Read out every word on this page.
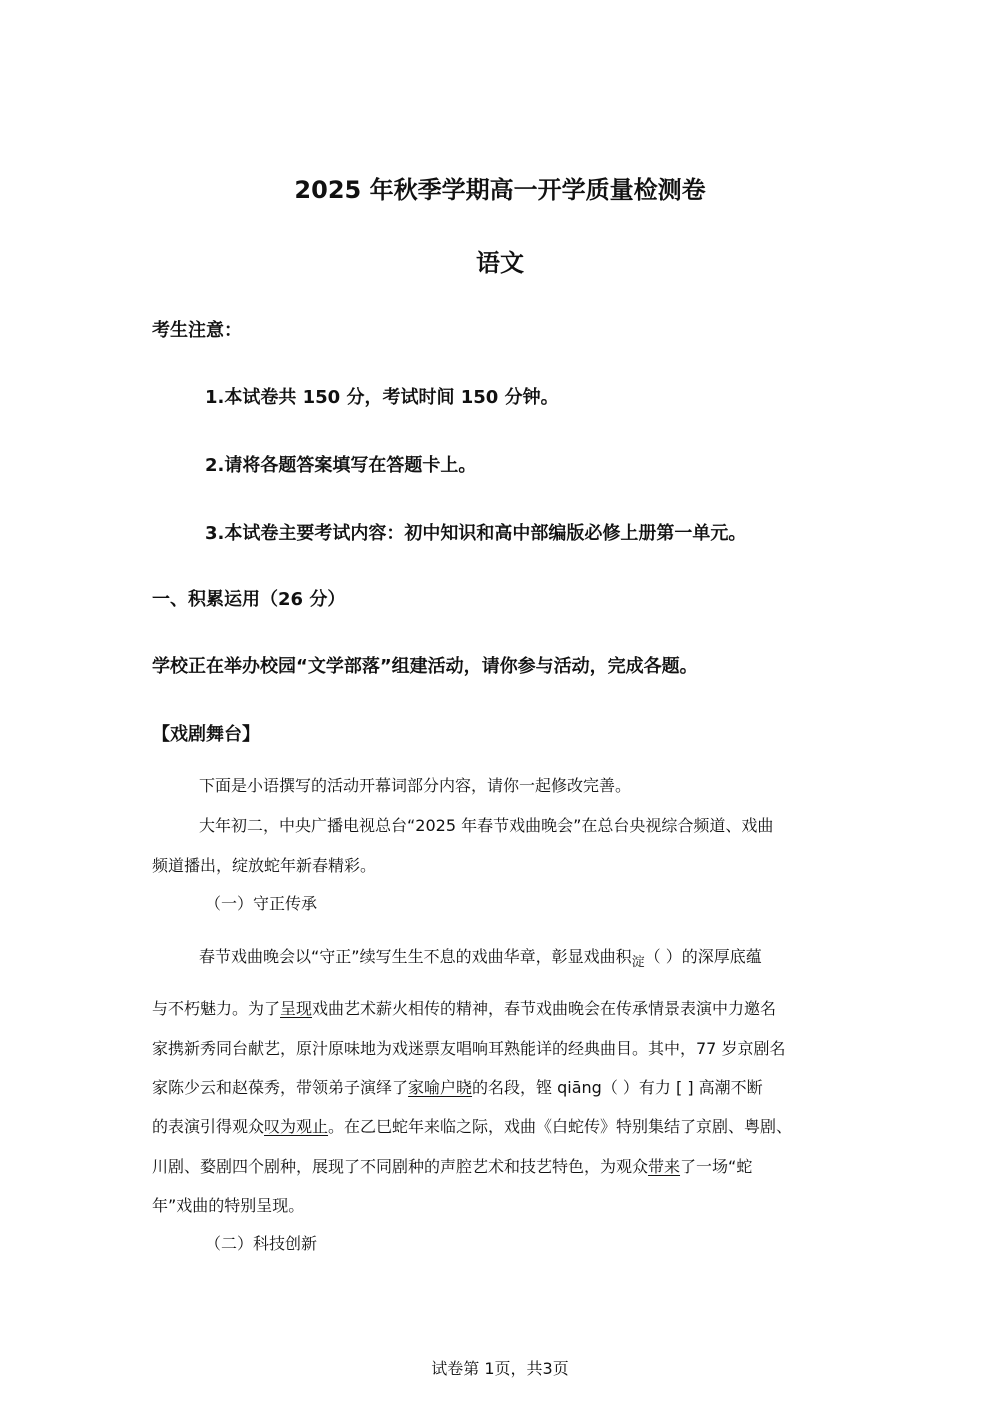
2025 年秋季学期高一开学质量检测卷
语文
考生注意：
1.本试卷共 150 分，考试时间 150 分钟。
2.请将各题答案填写在答题卡上。
3.本试卷主要考试内容：初中知识和高中部编版必修上册第一单元。
一、积累运用（26 分）
学校正在举办校园“文学部落”组建活动，请你参与活动，完成各题。
【戏剧舞台】
下面是小语撰写的活动开幕词部分内容，请你一起修改完善。
大年初二，中央广播电视总台“2025 年春节戏曲晚会”在总台央视综合频道、戏曲
频道播出，绽放蛇年新春精彩。
（一）守正传承
春节戏曲晚会以“守正”续写生生不息的戏曲华章，彰显戏曲积$_淀$（ ）的深厚底蕴
与不朽魅力。为了呈现戏曲艺术薪火相传的精神，春节戏曲晚会在传承情景表演中力邀名
家携新秀同台献艺，原汁原味地为戏迷票友唱响耳熟能详的经典曲目。其中，77 岁京剧名
家陈少云和赵葆秀，带领弟子演绎了家喻户晓的名段，铿 qiāng（ ）有力 [ ] 高潮不断
的表演引得观众叹为观止。在乙巳蛇年来临之际，戏曲《白蛇传》特别集结了京剧、粤剧、
川剧、婺剧四个剧种，展现了不同剧种的声腔艺术和技艺特色，为观众带来了一场“蛇
年”戏曲的特别呈现。
（二）科技创新
试卷第 1页，共3页
